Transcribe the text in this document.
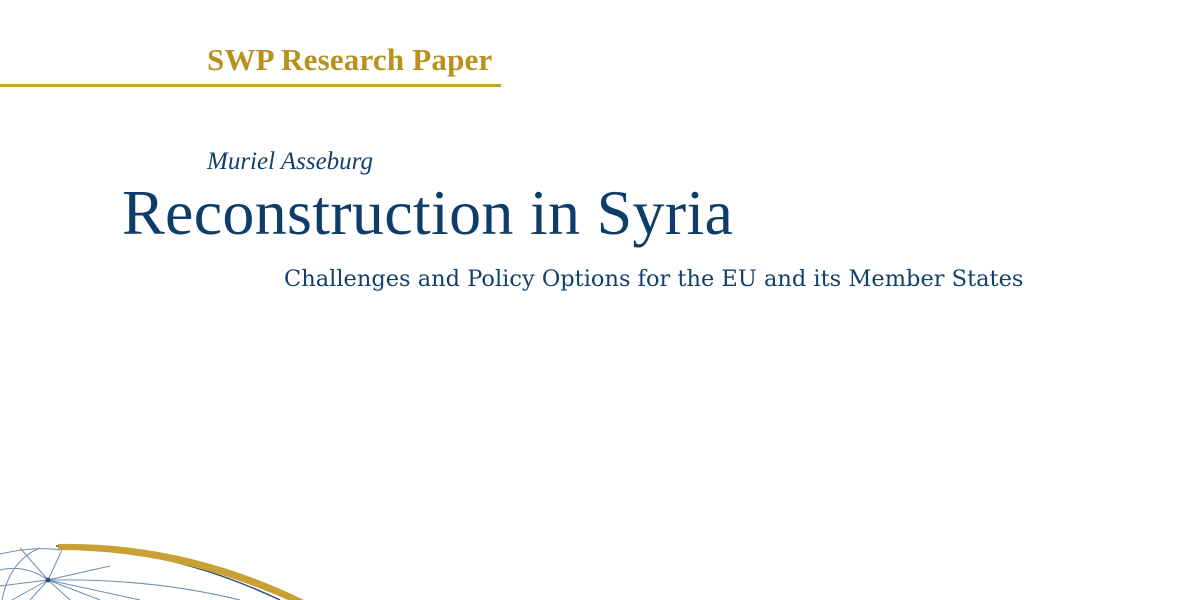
SWP Research Paper
Muriel Asseburg
Reconstruction in Syria
Challenges and Policy Options for the EU and its Member States
